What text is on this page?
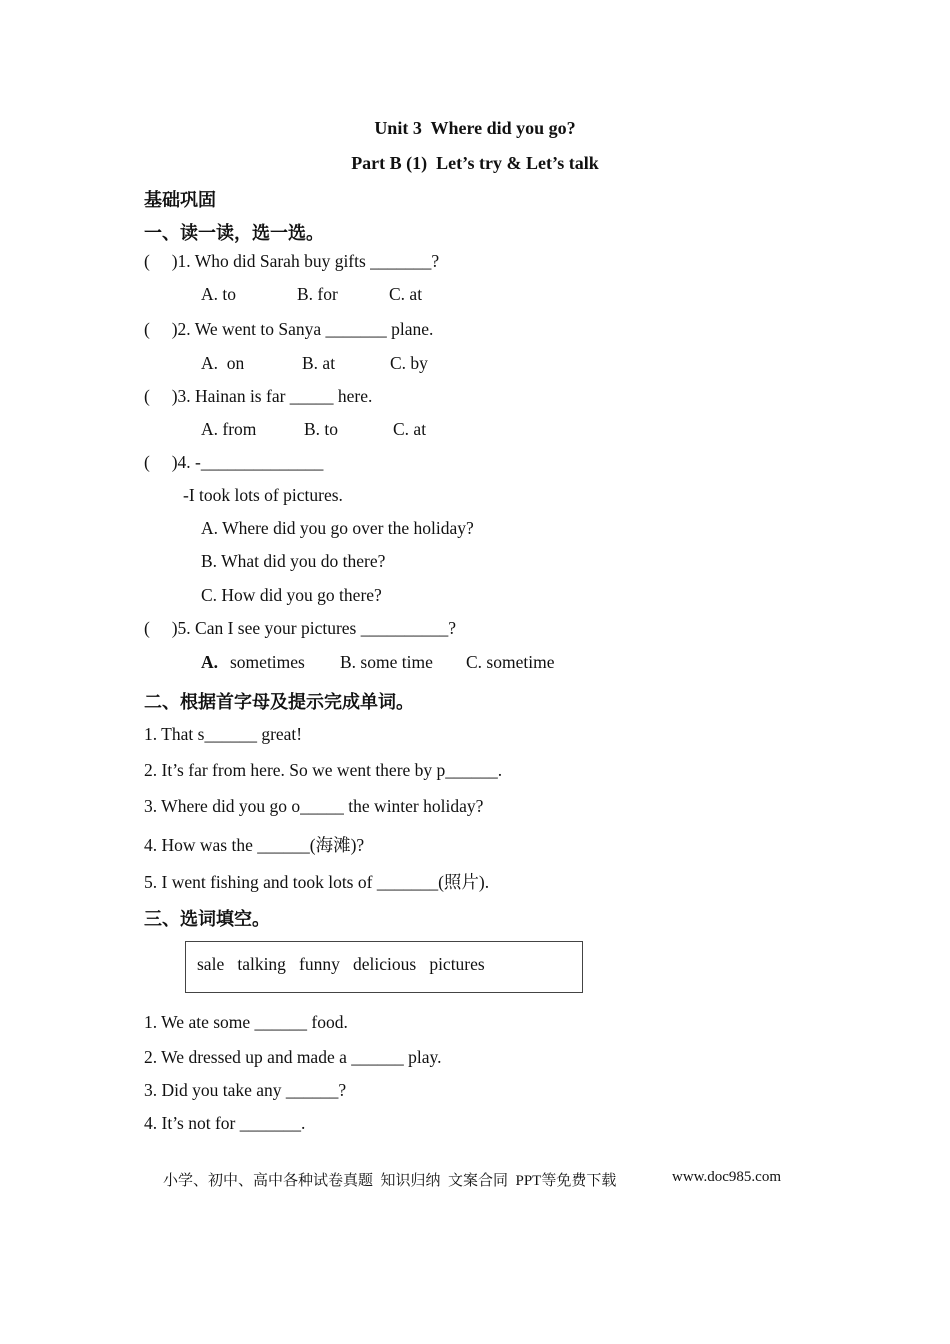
Unit 3  Where did you go?
Part B (1)  Let’s try & Let’s talk
基础巩固
一、读一读，选一选。
(     )1. Who did Sarah buy gifts _______?
A. to	B. for	C. at
(     )2. We went to Sanya _______ plane.
A.  on	B. at	C. by
(     )3. Hainan is far _____ here.
A. from	B. to	C. at
(     )4. -______________
-I took lots of pictures.
A. Where did you go over the holiday?
B. What did you do there?
C. How did you go there?
(     )5. Can I see your pictures __________?
A. sometimes B. some time C. sometime
二、根据首字母及提示完成单词。
1. That s______ great!
2. It’s far from here. So we went there by p______.
3. Where did you go o_____ the winter holiday?
4. How was the ______(海滩)?
5. I went fishing and took lots of _______(照片).
三、选词填空。
sale   talking   funny   delicious   pictures
1. We ate some ______ food.
2. We dressed up and made a ______ play.
3. Did you take any ______?
4. It’s not for _______.
小学、初中、高中各种试卷真题  知识归纳  文案合同  PPT等免费下载	www.doc985.com
